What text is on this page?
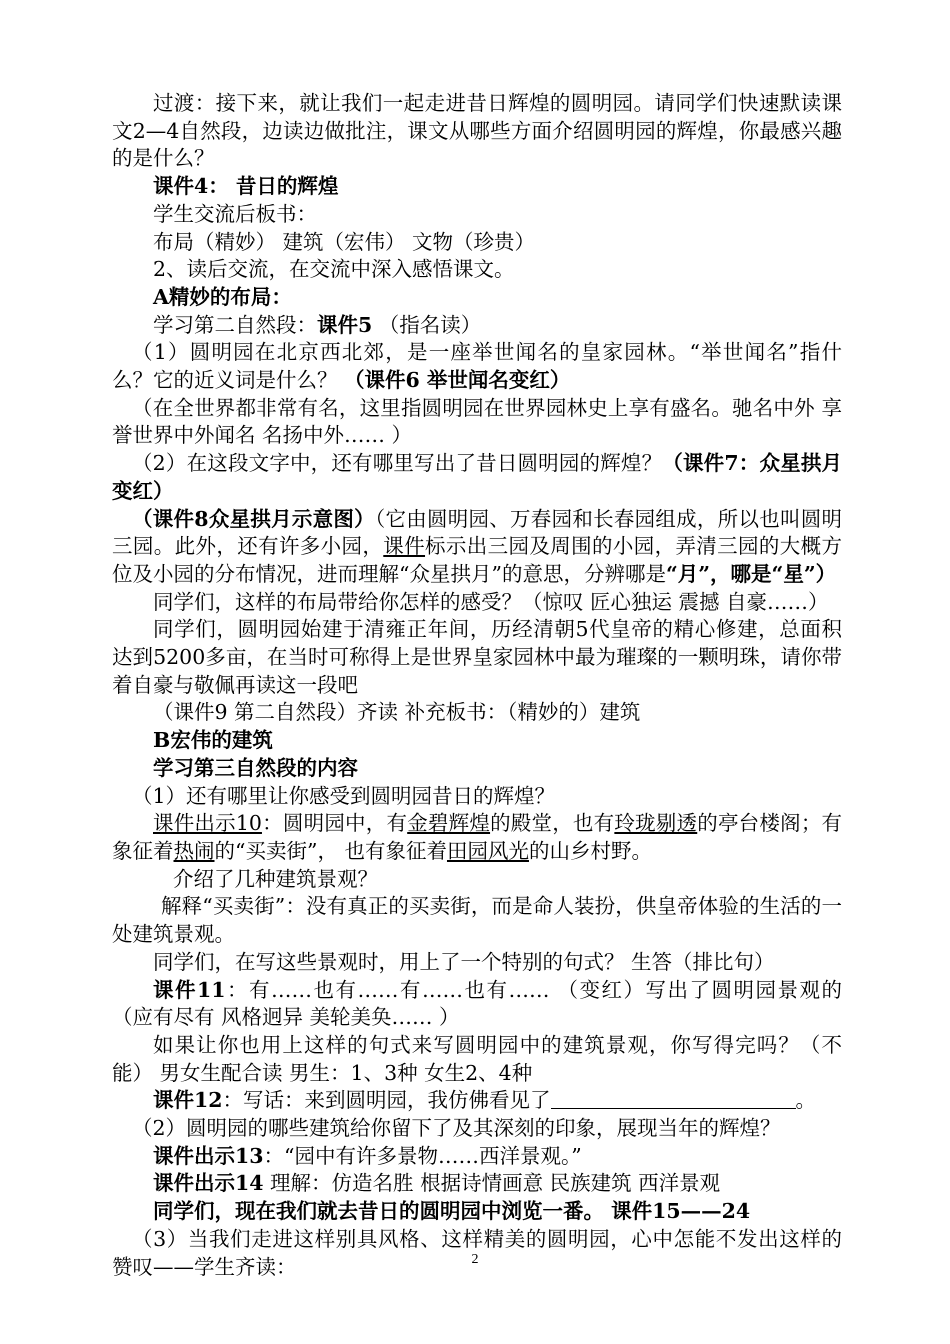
过渡：接下来，就让我们一起走进昔日辉煌的圆明园。请同学们快速默读课文2—4自然段，边读边做批注，课文从哪些方面介绍圆明园的辉煌，你最感兴趣的是什么？

课件4： 昔日的辉煌

学生交流后板书：

布局（精妙） 建筑（宏伟） 文物（珍贵）

2、读后交流，在交流中深入感悟课文。

A精妙的布局：

学习第二自然段：课件5 （指名读）

（1）圆明园在北京西北郊，是一座举世闻名的皇家园林。“举世闻名”指什么？它的近义词是什么？ （课件6 举世闻名变红）

（在全世界都非常有名，这里指圆明园在世界园林史上享有盛名。驰名中外 享誉世界中外闻名 名扬中外…… ）

（2）在这段文字中，还有哪里写出了昔日圆明园的辉煌？（课件7：众星拱月变红）

（课件8众星拱月示意图）（它由圆明园、万春园和长春园组成，所以也叫圆明三园。此外，还有许多小园，课件标示出三园及周围的小园，弄清三园的大概方位及小园的分布情况，进而理解“众星拱月”的意思，分辨哪是“月”，哪是“星”）

同学们，这样的布局带给你怎样的感受？（惊叹 匠心独运 震撼 自豪……）

同学们，圆明园始建于清雍正年间，历经清朝5代皇帝的精心修建，总面积达到5200多亩，在当时可称得上是世界皇家园林中最为璀璨的一颗明珠，请你带着自豪与敬佩再读这一段吧

（课件9 第二自然段）齐读 补充板书：（精妙的）建筑

B宏伟的建筑

学习第三自然段的内容

（1）还有哪里让你感受到圆明园昔日的辉煌？

课件出示10：圆明园中，有金碧辉煌的殿堂，也有玲珑剔透的亭台楼阁；有象征着热闹的“买卖街”， 也有象征着田园风光的山乡村野。

介绍了几种建筑景观？

解释“买卖街”：没有真正的买卖街，而是命人装扮，供皇帝体验的生活的一处建筑景观。

同学们，在写这些景观时，用上了一个特别的句式？ 生答（排比句）

课件11：有……也有……有……也有…… （变红）写出了圆明园景观的（应有尽有 风格迥异 美轮美奂…… ）

如果让你也用上这样的句式来写圆明园中的建筑景观，你写得完吗？（不能） 男女生配合读 男生：1、3种 女生2、4种

课件12：写话：来到圆明园，我仿佛看见了	。

（2）圆明园的哪些建筑给你留下了及其深刻的印象，展现当年的辉煌？

课件出示13：“园中有许多景物……西洋景观。”

课件出示14 理解：仿造名胜 根据诗情画意 民族建筑 西洋景观

同学们，现在我们就去昔日的圆明园中浏览一番。 课件15——24

（3）当我们走进这样别具风格、这样精美的圆明园，心中怎能不发出这样的赞叹——学生齐读：	2
